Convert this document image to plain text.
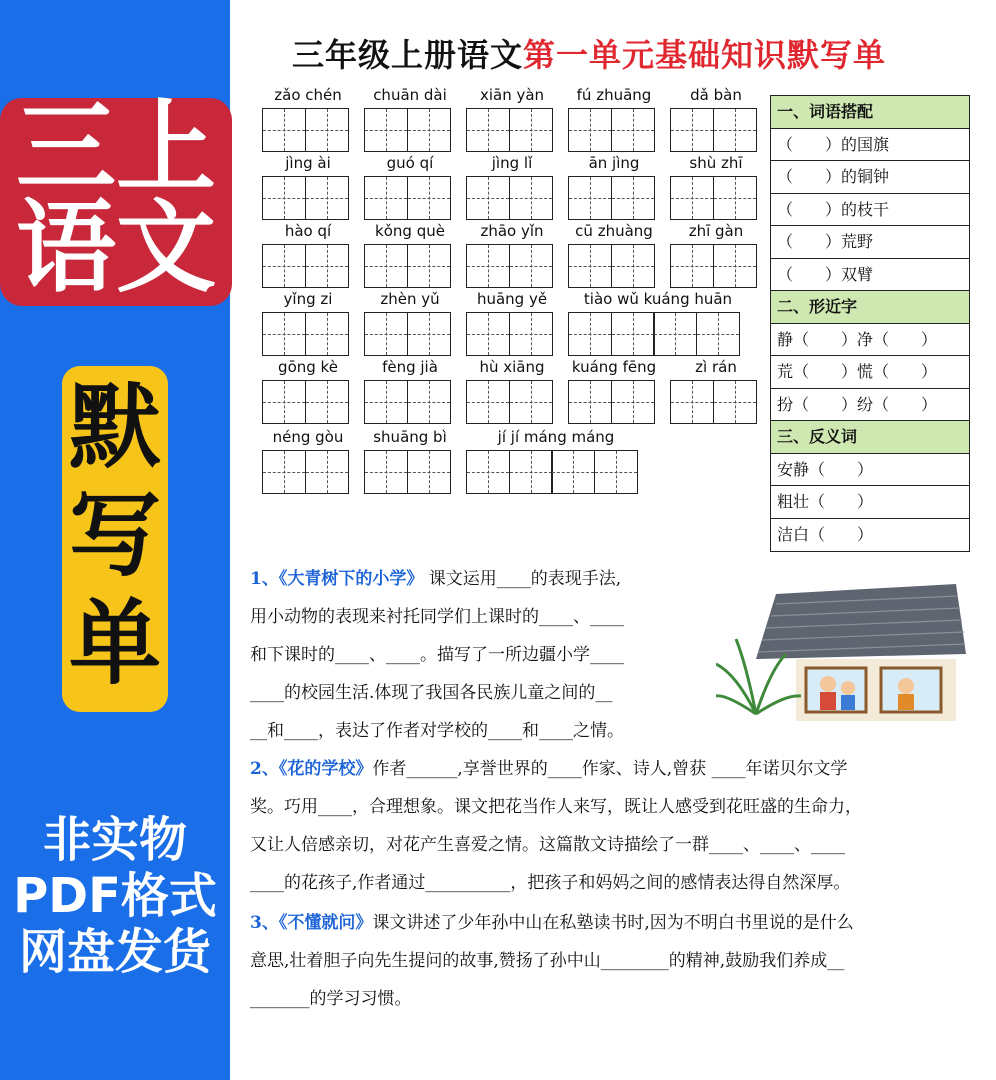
三上
语文
默
写
单
非实物
PDF格式
网盘发货
三年级上册语文第一单元基础知识默写单
zǎo chén	chuān dài	xiān yàn	fú zhuāng	dǎ bàn
jìng ài	guó qí	jìng lǐ	ān jìng	shù zhī
hào qí	kǒng què	zhāo yǐn	cū zhuàng	zhī gàn
yǐng zi	zhèn yǔ	huāng yě	tiào wǔ kuáng huān
gōng kè	fèng jià	hù xiāng	kuáng fēng	zì rán
néng gòu	shuāng bì	jí jí máng máng
一、词语搭配
（　　）的国旗
（　　）的铜钟
（　　）的枝干
（　　）荒野
（　　）双臂
二、形近字
静（　　）净（　　）
荒（　　）慌（　　）
扮（　　）纷（　　）
三、反义词
安静（　　）
粗壮（　　）
洁白（　　）
1、《大青树下的小学》 课文运用____的表现手法,
用小动物的表现来衬托同学们上课时的____、____
和下课时的____、____。描写了一所边疆小学____
____的校园生活.体现了我国各民族儿童之间的__
__和____，表达了作者对学校的____和____之情。
2、《花的学校》作者______,享誉世界的____作家、诗人,曾获 ____年诺贝尔文学
奖。巧用____，合理想象。课文把花当作人来写，既让人感受到花旺盛的生命力，
又让人倍感亲切，对花产生喜爱之情。这篇散文诗描绘了一群____、____、____
____的花孩子,作者通过__________，把孩子和妈妈之间的感情表达得自然深厚。
3、《不懂就问》课文讲述了少年孙中山在私塾读书时,因为不明白书里说的是什么
意思,壮着胆子向先生提问的故事,赞扬了孙中山________的精神,鼓励我们养成__
_______的学习习惯。
